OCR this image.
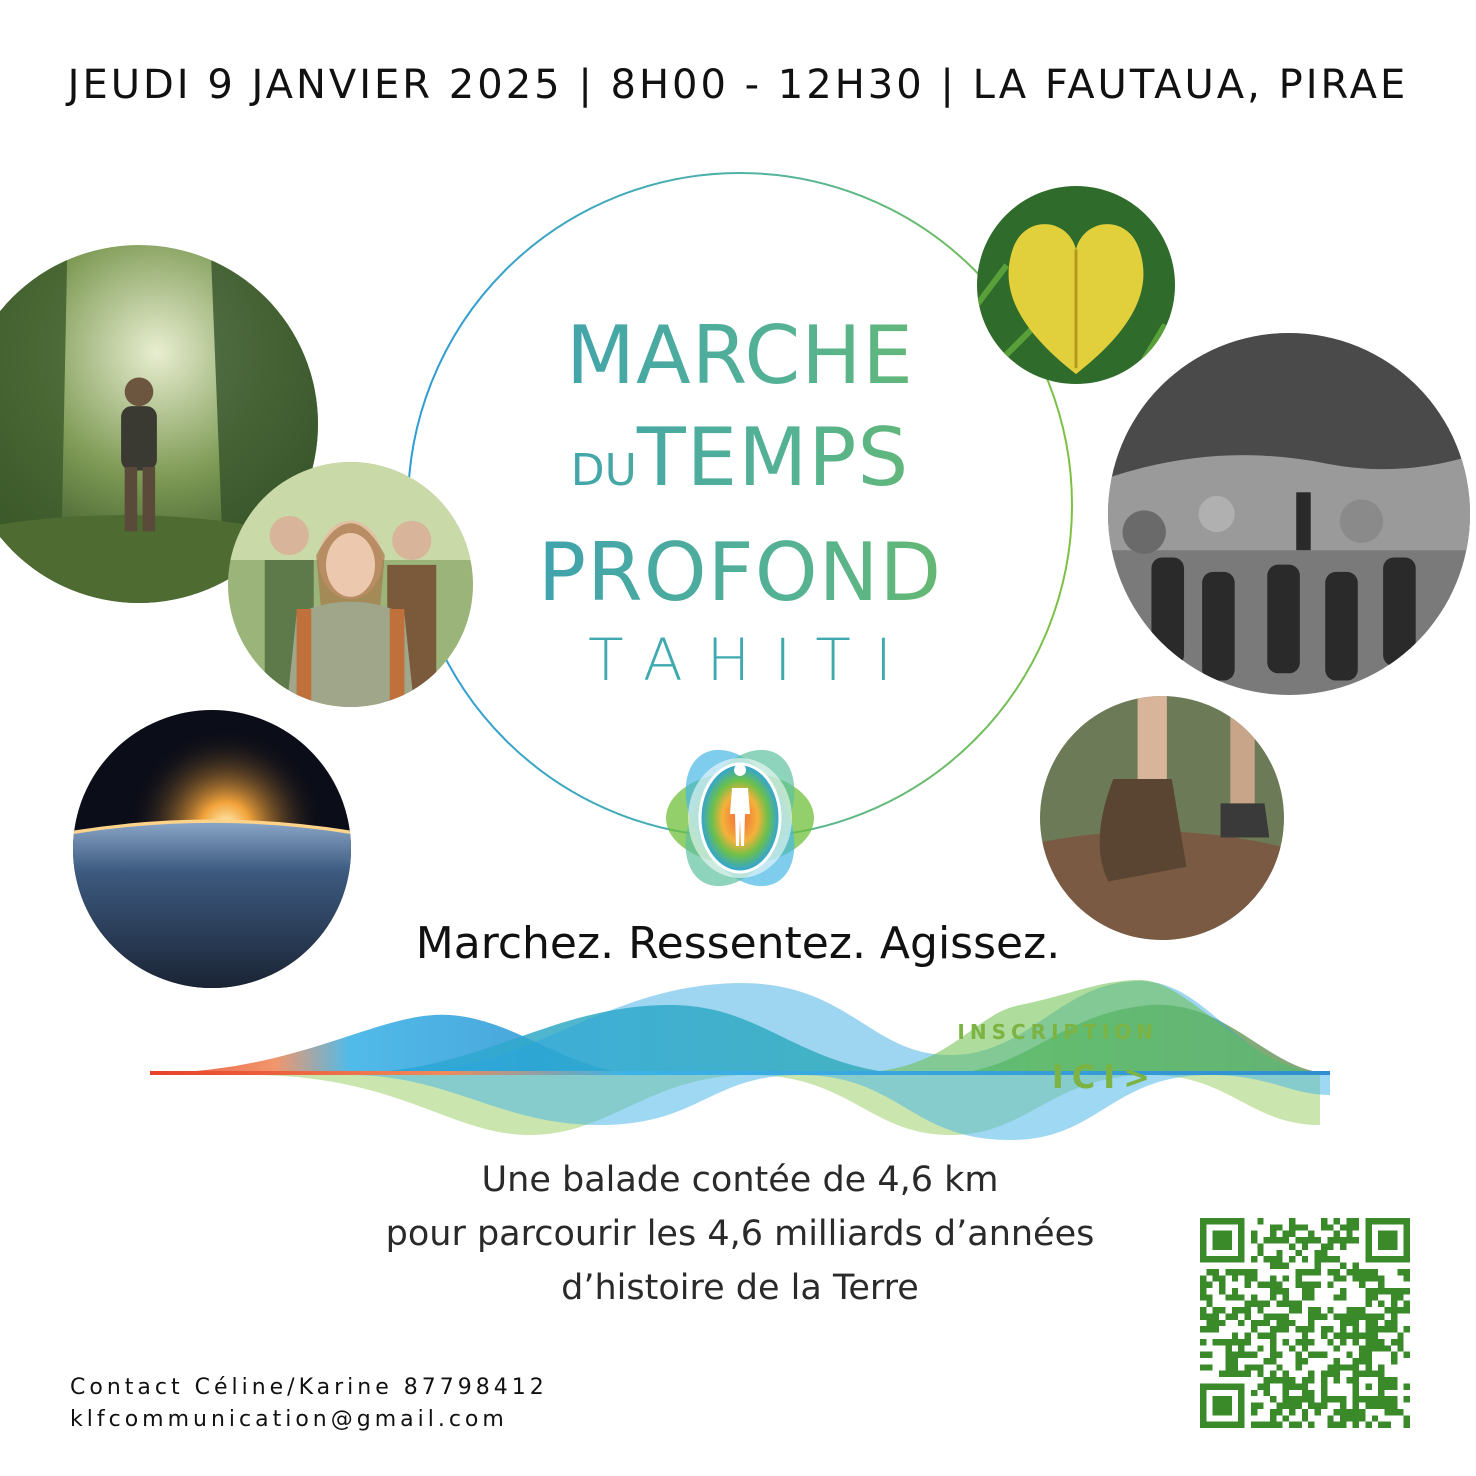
JEUDI 9 JANVIER 2025 | 8H00 - 12H30 | LA FAUTAUA, PIRAE
MARCHE
DUTEMPS
PROFOND
TAHITI
Marchez. Ressentez. Agissez.
Une balade contée de 4,6 km
pour parcourir les 4,6 milliards d’années
d’histoire de la Terre
Contact Céline/Karine 87798412
klfcommunication@gmail.com
INSCRIPTION
ICI>
